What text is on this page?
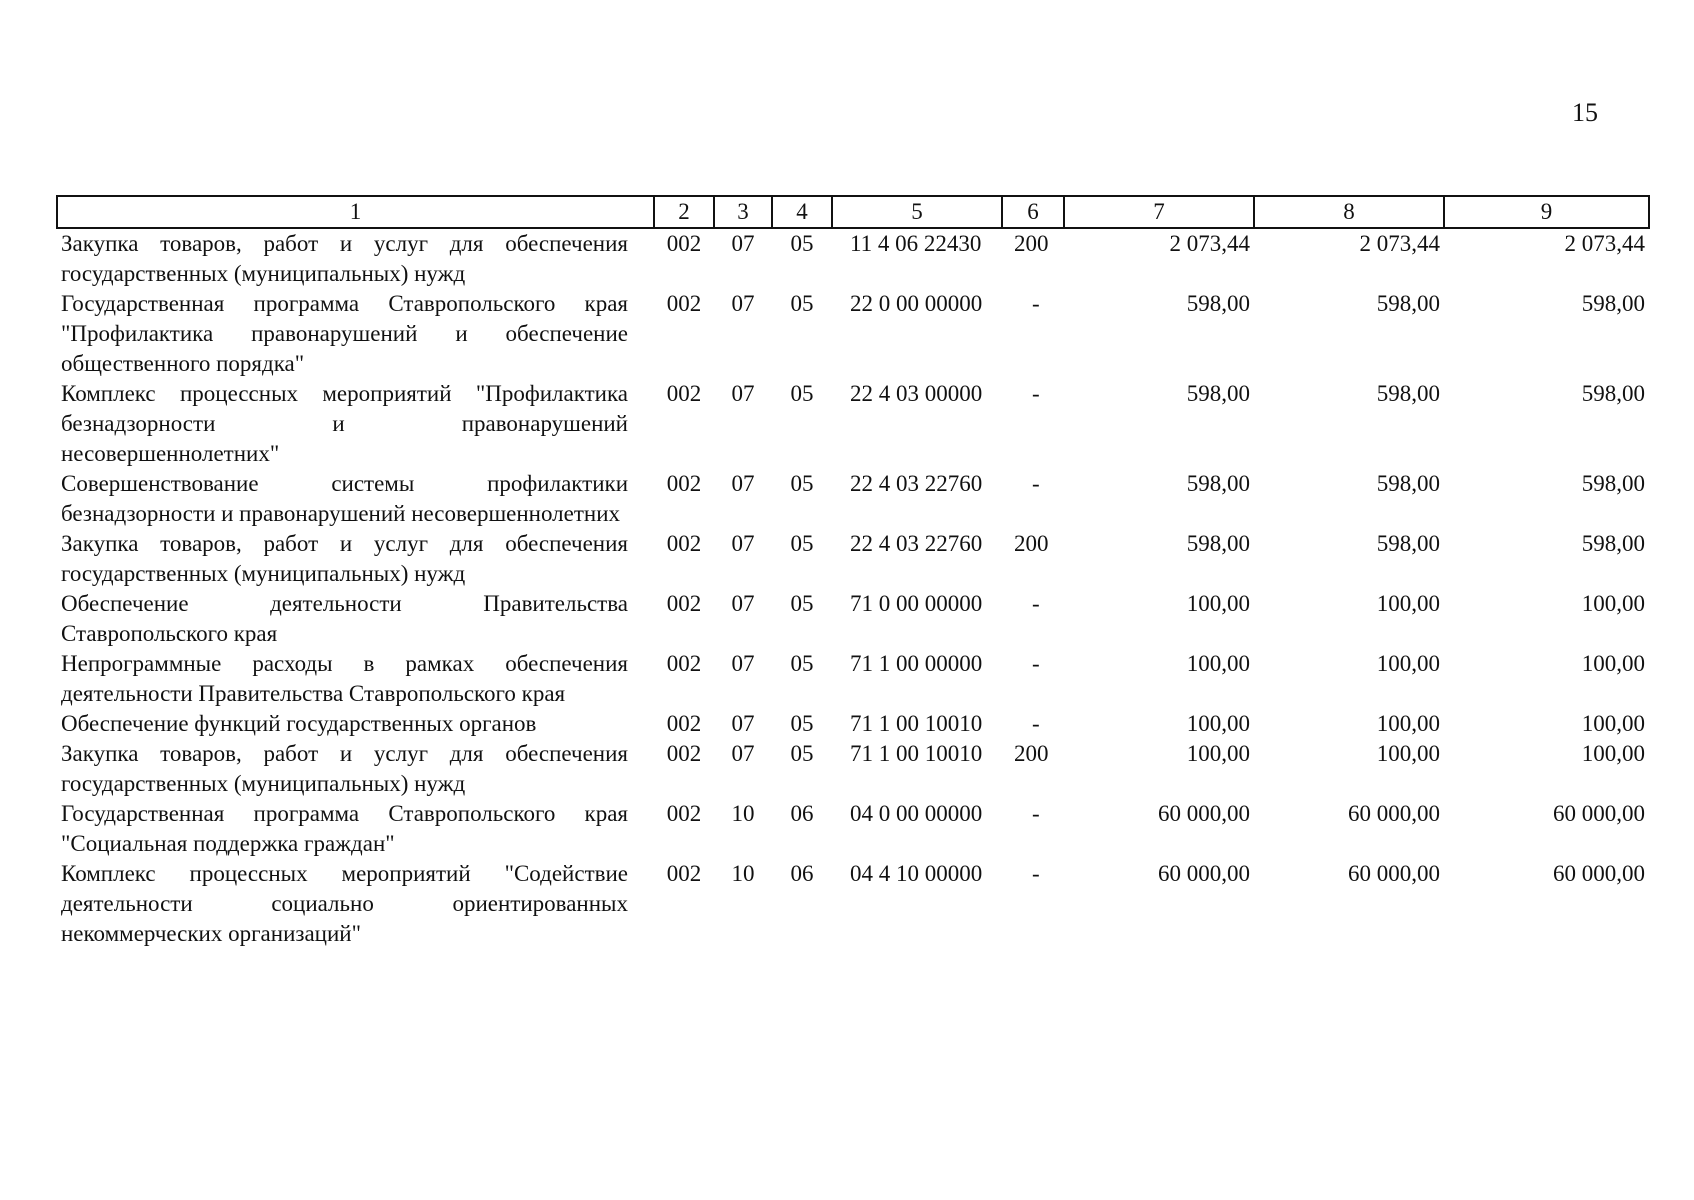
15
1	2	3	4	5	6	7	8	9
Закупка товаров, работ и услуг для обеспечения государственных (муниципальных) нужд	002	07	05	11 4 06 22430	200	2 073,44	2 073,44	2 073,44
Государственная программа Ставропольского края "Профилактика правонарушений и обеспечение общественного порядка"	002	07	05	22 0 00 00000	-	598,00	598,00	598,00
Комплекс процессных мероприятий "Профилактика безнадзорности и правонарушений несовершеннолетних"	002	07	05	22 4 03 00000	-	598,00	598,00	598,00
Совершенствование системы профилактики безнадзорности и правонарушений несовершеннолетних	002	07	05	22 4 03 22760	-	598,00	598,00	598,00
Закупка товаров, работ и услуг для обеспечения государственных (муниципальных) нужд	002	07	05	22 4 03 22760	200	598,00	598,00	598,00
Обеспечение деятельности Правительства Ставропольского края	002	07	05	71 0 00 00000	-	100,00	100,00	100,00
Непрограммные расходы в рамках обеспечения деятельности Правительства Ставропольского края	002	07	05	71 1 00 00000	-	100,00	100,00	100,00
Обеспечение функций государственных органов	002	07	05	71 1 00 10010	-	100,00	100,00	100,00
Закупка товаров, работ и услуг для обеспечения государственных (муниципальных) нужд	002	07	05	71 1 00 10010	200	100,00	100,00	100,00
Государственная программа Ставропольского края "Социальная поддержка граждан"	002	10	06	04 0 00 00000	-	60 000,00	60 000,00	60 000,00
Комплекс процессных мероприятий "Содействие деятельности социально ориентированных некоммерческих организаций"	002	10	06	04 4 10 00000	-	60 000,00	60 000,00	60 000,00
